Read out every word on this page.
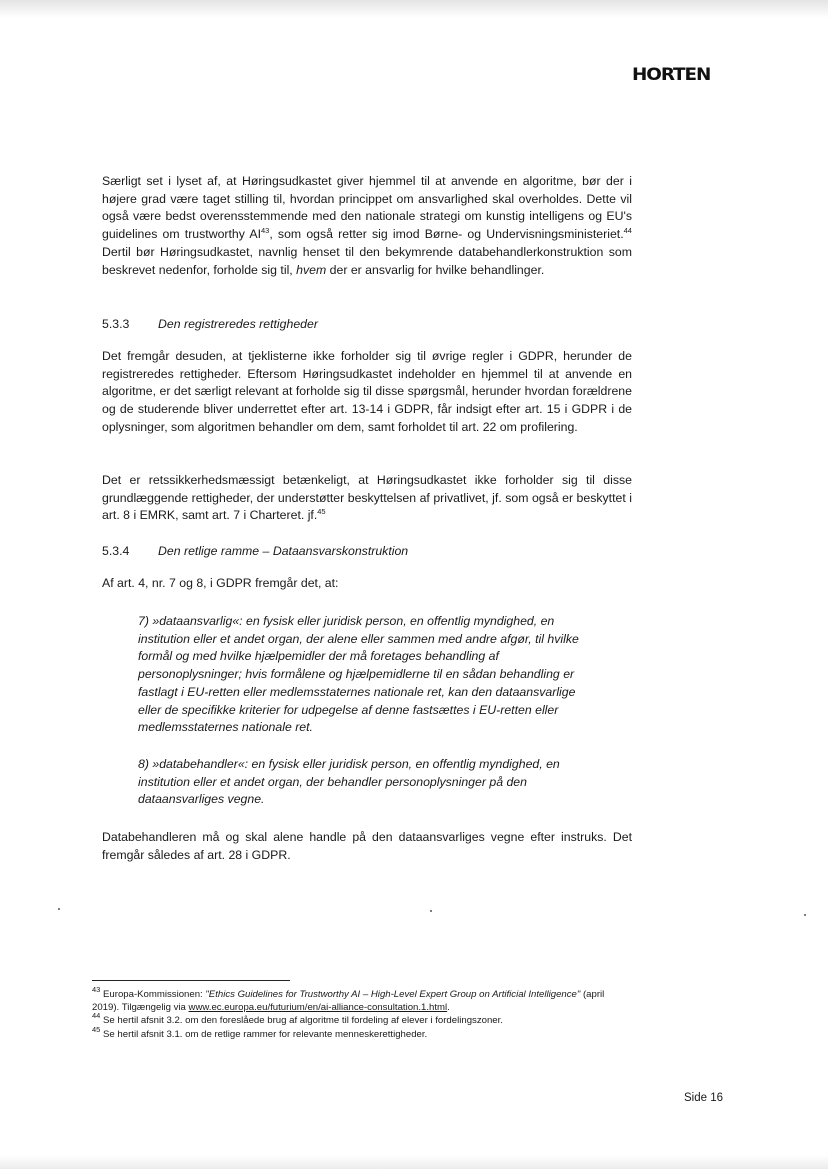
HORTEN

Særligt set i lyset af, at Høringsudkastet giver hjemmel til at anvende en algoritme, bør der i højere grad være taget stilling til, hvordan princippet om ansvarlighed skal overholdes. Dette vil også være bedst overensstemmende med den nationale strategi om kunstig intelligens og EU's guidelines om trustworthy AI$^{43}$, som også retter sig imod Børne- og Undervisningsministeriet.$^{44}$ Dertil bør Høringsudkastet, navnlig henset til den bekymrende databehandlerkonstruktion som beskrevet nedenfor, forholde sig til, hvem der er ansvarlig for hvilke behandlinger.

5.3.3 Den registreredes rettigheder

Det fremgår desuden, at tjeklisterne ikke forholder sig til øvrige regler i GDPR, herunder de registreredes rettigheder. Eftersom Høringsudkastet indeholder en hjemmel til at anvende en algoritme, er det særligt relevant at forholde sig til disse spørgsmål, herunder hvordan forældrene og de studerende bliver underrettet efter art. 13-14 i GDPR, får indsigt efter art. 15 i GDPR i de oplysninger, som algoritmen behandler om dem, samt forholdet til art. 22 om profilering.

Det er retssikkerhedsmæssigt betænkeligt, at Høringsudkastet ikke forholder sig til disse grundlæggende rettigheder, der understøtter beskyttelsen af privatlivet, jf. som også er beskyttet i art. 8 i EMRK, samt art. 7 i Charteret. jf.$^{45}$

5.3.4 Den retlige ramme – Dataansvarskonstruktion

Af art. 4, nr. 7 og 8, i GDPR fremgår det, at:

7) »dataansvarlig«: en fysisk eller juridisk person, en offentlig myndighed, en institution eller et andet organ, der alene eller sammen med andre afgør, til hvilke formål og med hvilke hjælpemidler der må foretages behandling af personoplysninger; hvis formålene og hjælpemidlerne til en sådan behandling er fastlagt i EU-retten eller medlemsstaternes nationale ret, kan den dataansvarlige eller de specifikke kriterier for udpegelse af denne fastsættes i EU-retten eller medlemsstaternes nationale ret.

8) »databehandler«: en fysisk eller juridisk person, en offentlig myndighed, en institution eller et andet organ, der behandler personoplysninger på den dataansvarliges vegne.

Databehandleren må og skal alene handle på den dataansvarliges vegne efter instruks. Det fremgår således af art. 28 i GDPR.

$^{43}$ Europa-Kommissionen: "Ethics Guidelines for Trustworthy AI – High-Level Expert Group on Artificial Intelligence" (april 2019). Tilgængelig via www.ec.europa.eu/futurium/en/ai-alliance-consultation.1.html.
$^{44}$ Se hertil afsnit 3.2. om den foreslåede brug af algoritme til fordeling af elever i fordelingszoner.
$^{45}$ Se hertil afsnit 3.1. om de retlige rammer for relevante menneskerettigheder.
Side 16
